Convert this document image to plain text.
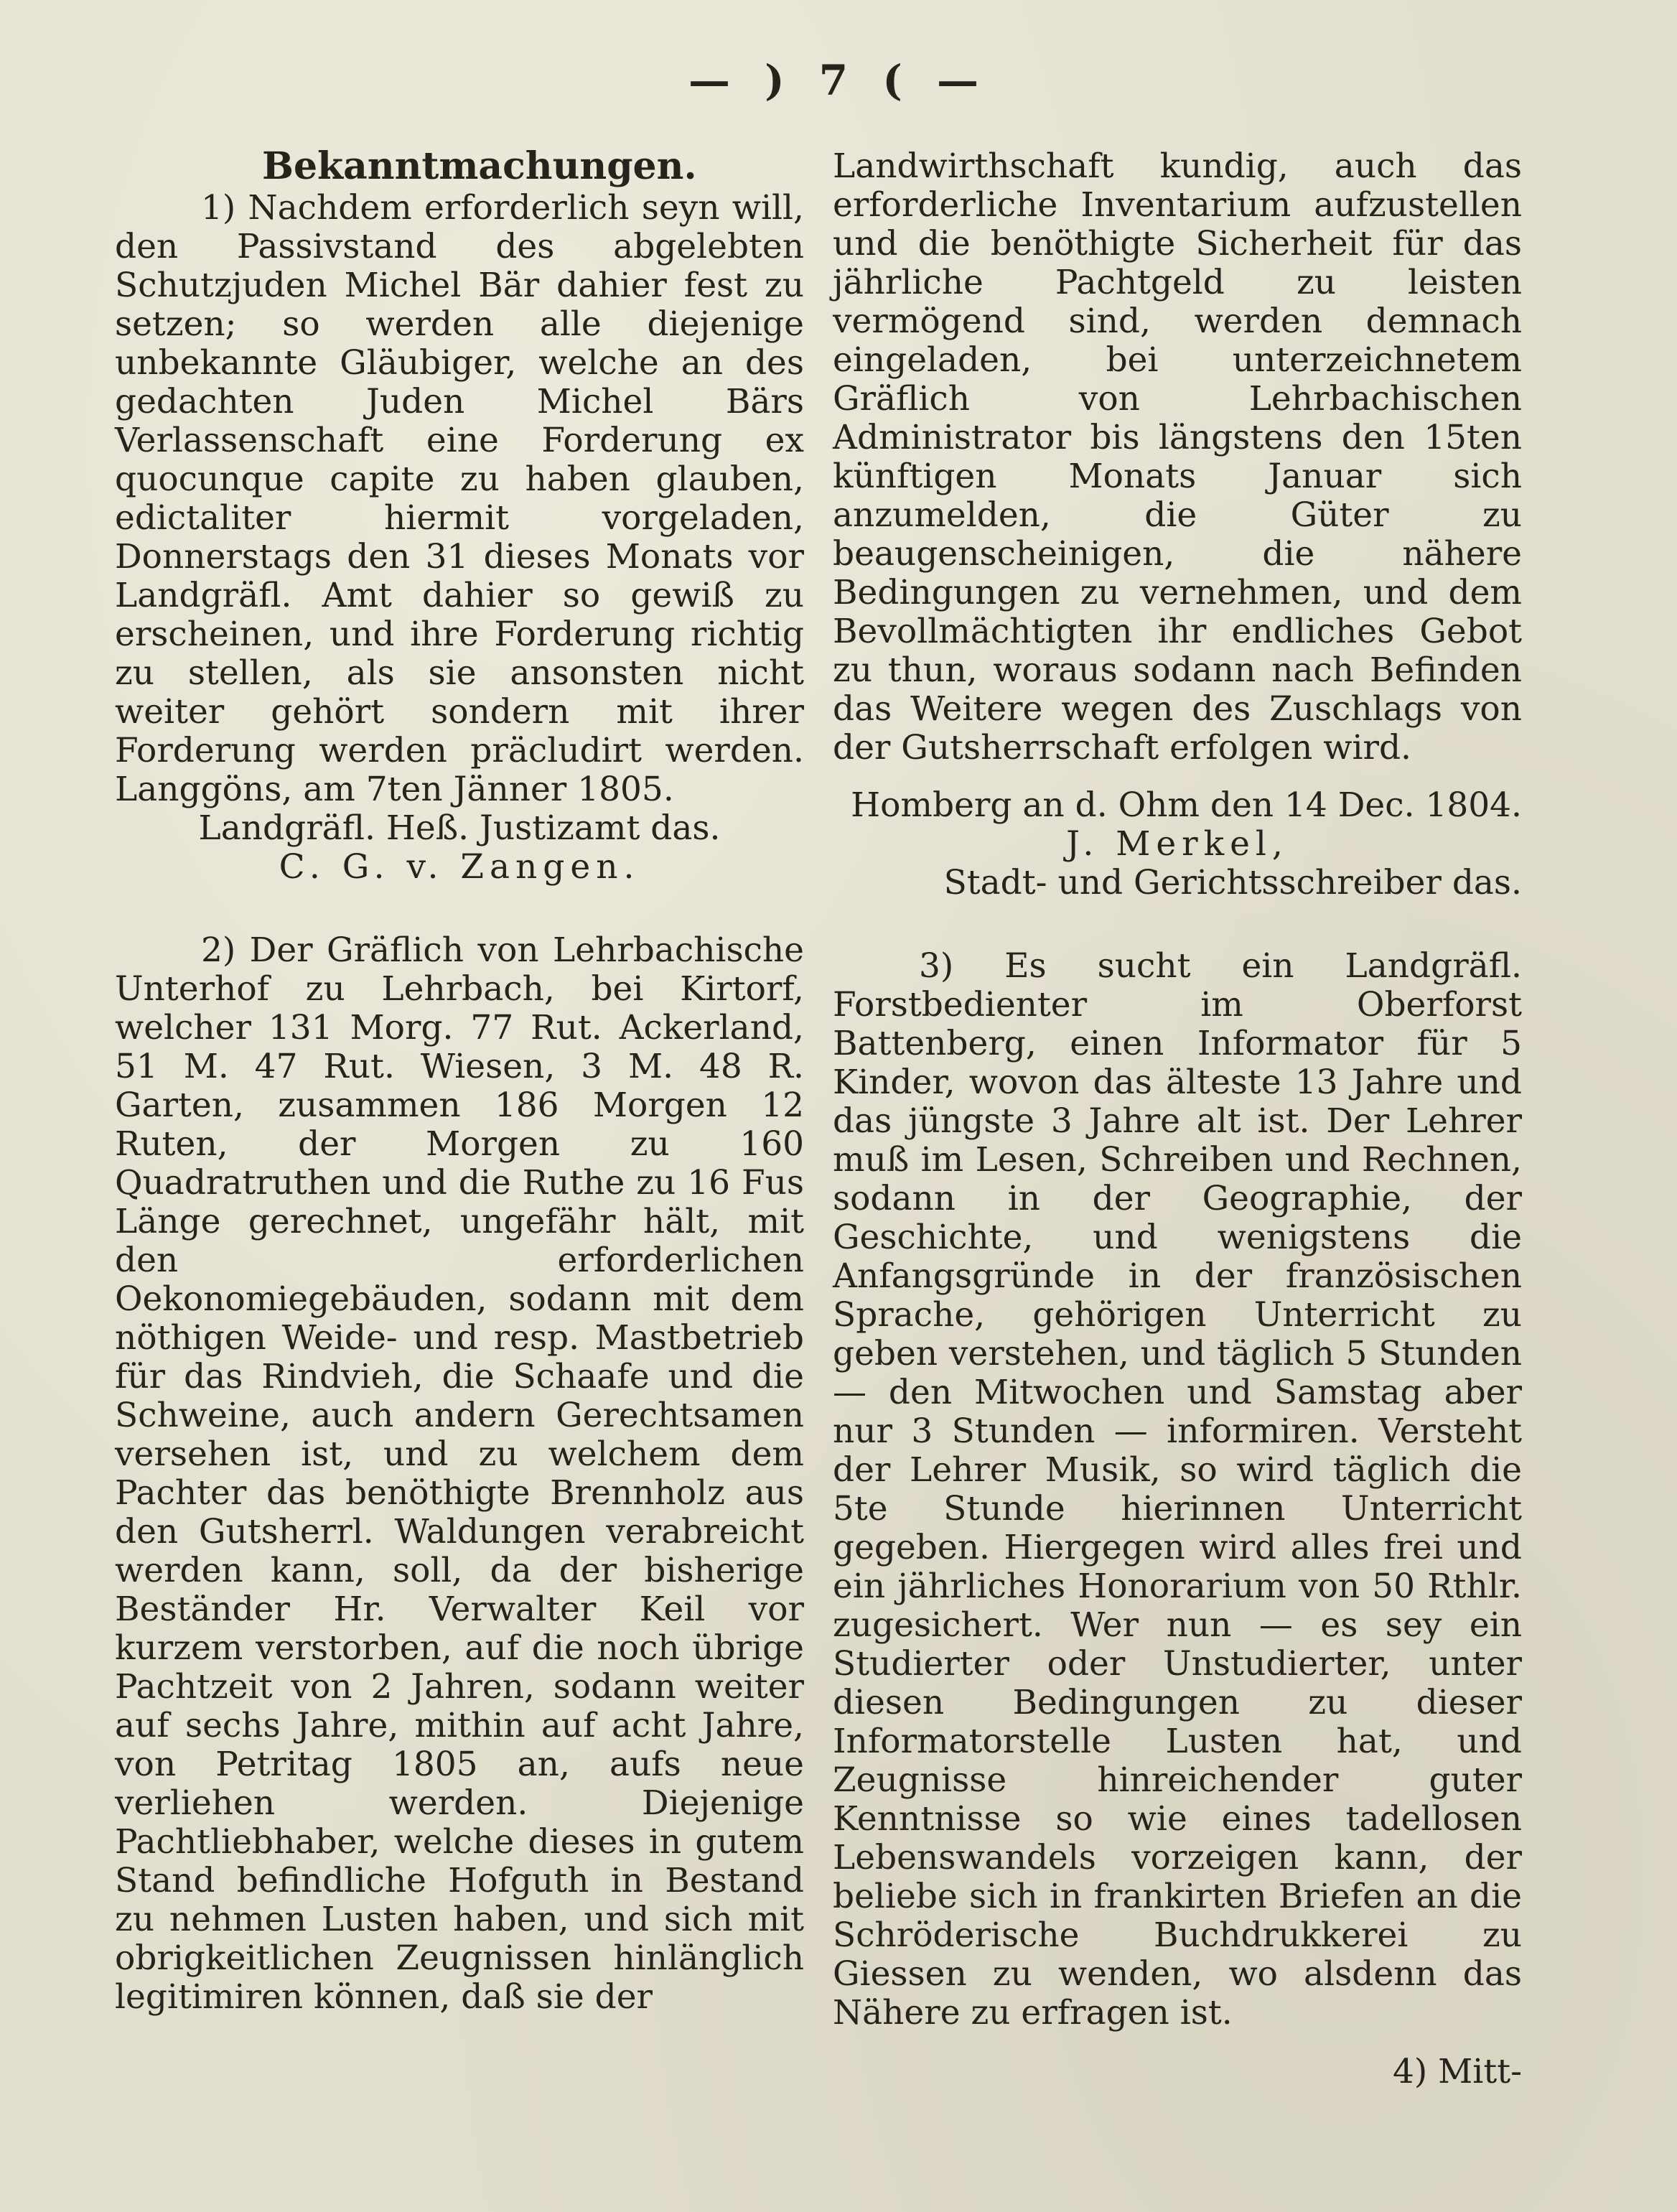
— ) 7 ( —
Bekanntmachungen.

1) Nachdem erforderlich seyn will, den Passivstand des abgelebten Schutzjuden Michel Bär dahier fest zu setzen; so werden alle diejenige unbekannte Gläubiger, welche an des gedachten Juden Michel Bärs Verlassenschaft eine Forderung ex quocunque capite zu haben glauben, edictaliter hiermit vorgeladen, Donnerstags den 31 dieses Monats vor Landgräfl. Amt dahier so gewiß zu erscheinen, und ihre Forderung richtig zu stellen, als sie ansonsten nicht weiter gehört sondern mit ihrer Forderung werden präcludirt werden. Langgöns, am 7ten Jänner 1805.

Landgräfl. Heß. Justizamt das.

C. G. v. Zangen.

2) Der Gräflich von Lehrbachische Unterhof zu Lehrbach, bei Kirtorf, welcher 131 Morg. 77 Rut. Ackerland, 51 M. 47 Rut. Wiesen, 3 M. 48 R. Garten, zusammen 186 Morgen 12 Ruten, der Morgen zu 160 Quadratruthen und die Ruthe zu 16 Fus Länge gerechnet, ungefähr hält, mit den erforderlichen Oekonomiegebäuden, sodann mit dem nöthigen Weide- und resp. Mastbetrieb für das Rindvieh, die Schaafe und die Schweine, auch andern Gerechtsamen versehen ist, und zu welchem dem Pachter das benöthigte Brennholz aus den Gutsherrl. Waldungen verabreicht werden kann, soll, da der bisherige Beständer Hr. Verwalter Keil vor kurzem verstorben, auf die noch übrige Pachtzeit von 2 Jahren, sodann weiter auf sechs Jahre, mithin auf acht Jahre, von Petritag 1805 an, aufs neue verliehen werden. Diejenige Pachtliebhaber, welche dieses in gutem Stand befindliche Hofguth in Bestand zu nehmen Lusten haben, und sich mit obrigkeitlichen Zeugnissen hinlänglich legitimiren können, daß sie der

Landwirthschaft kundig, auch das erforderliche Inventarium aufzustellen und die benöthigte Sicherheit für das jährliche Pachtgeld zu leisten vermögend sind, werden demnach eingeladen, bei unterzeichnetem Gräflich von Lehrbachischen Administrator bis längstens den 15ten künftigen Monats Januar sich anzumelden, die Güter zu beaugenscheinigen, die nähere Bedingungen zu vernehmen, und dem Bevollmächtigten ihr endliches Gebot zu thun, woraus sodann nach Befinden das Weitere wegen des Zuschlags von der Gutsherrschaft erfolgen wird.

Homberg an d. Ohm den 14 Dec. 1804.

J. Merkel,

Stadt- und Gerichtsschreiber das.

3) Es sucht ein Landgräfl. Forstbedienter im Oberforst Battenberg, einen Informator für 5 Kinder, wovon das älteste 13 Jahre und das jüngste 3 Jahre alt ist. Der Lehrer muß im Lesen, Schreiben und Rechnen, sodann in der Geographie, der Geschichte, und wenigstens die Anfangsgründe in der französischen Sprache, gehörigen Unterricht zu geben verstehen, und täglich 5 Stunden — den Mitwochen und Samstag aber nur 3 Stunden — informiren. Versteht der Lehrer Musik, so wird täglich die 5te Stunde hierinnen Unterricht gegeben. Hiergegen wird alles frei und ein jährliches Honorarium von 50 Rthlr. zugesichert. Wer nun — es sey ein Studierter oder Unstudierter, unter diesen Bedingungen zu dieser Informatorstelle Lusten hat, und Zeugnisse hinreichender guter Kenntnisse so wie eines tadellosen Lebenswandels vorzeigen kann, der beliebe sich in frankirten Briefen an die Schröderische Buchdrukkerei zu Giessen zu wenden, wo alsdenn das Nähere zu erfragen ist.

4) Mitt-
